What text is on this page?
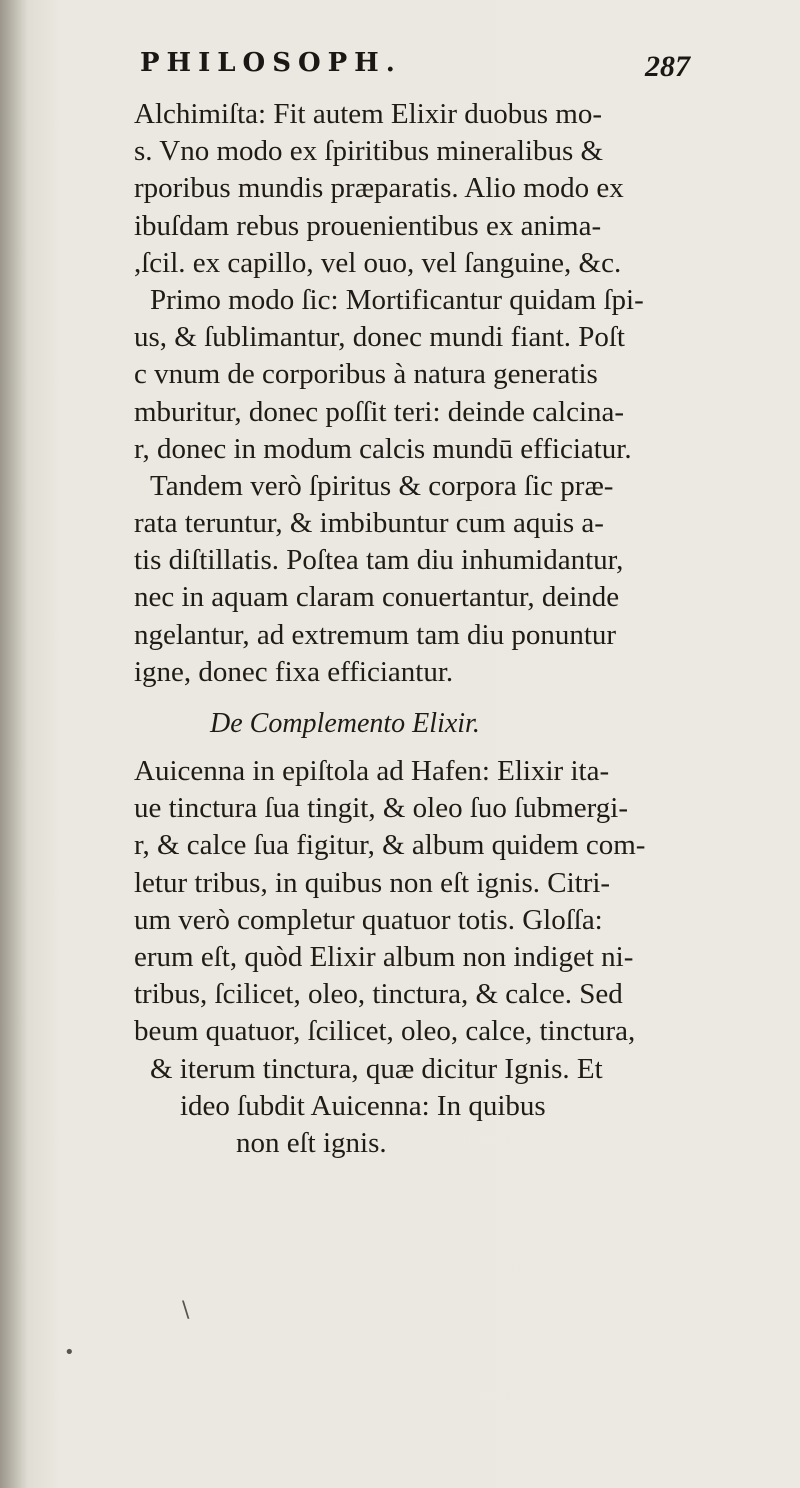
PHILOSOPH.	287
Alchimiſta: Fit autem Elixir duobus mo-
s. Vno modo ex ſpiritibus mineralibus &
rporibus mundis præparatis. Alio modo ex
ibuſdam rebus prouenientibus ex anima-
,ſcil. ex capillo, vel ouo, vel ſanguine, &c.
Primo modo ſic: Mortificantur quidam ſpi-
us, & ſublimantur, donec mundi fiant. Poſt
c vnum de corporibus à natura generatis
mburitur, donec poſſit teri: deinde calcina-
r, donec in modum calcis mundū efficiatur.
Tandem verò ſpiritus & corpora ſic præ-
rata teruntur, & imbibuntur cum aquis a-
tis diſtillatis. Poſtea tam diu inhumidantur,
nec in aquam claram conuertantur, deinde
ngelantur, ad extremum tam diu ponuntur
igne, donec fixa efficiantur.
De Complemento Elixir.
Auicenna in epiſtola ad Hafen: Elixir ita-
ue tinctura ſua tingit, & oleo ſuo ſubmergi-
r, & calce ſua figitur, & album quidem com-
letur tribus, in quibus non eſt ignis. Citri-
um verò completur quatuor totis. Gloſſa:
erum eſt, quòd Elixir album non indiget ni-
tribus, ſcilicet, oleo, tinctura, & calce. Sed
beum quatuor, ſcilicet, oleo, calce, tinctura,
& iterum tinctura, quæ dicitur Ignis. Et
ideo ſubdit Auicenna: In quibus
non eſt ignis.
\
•
